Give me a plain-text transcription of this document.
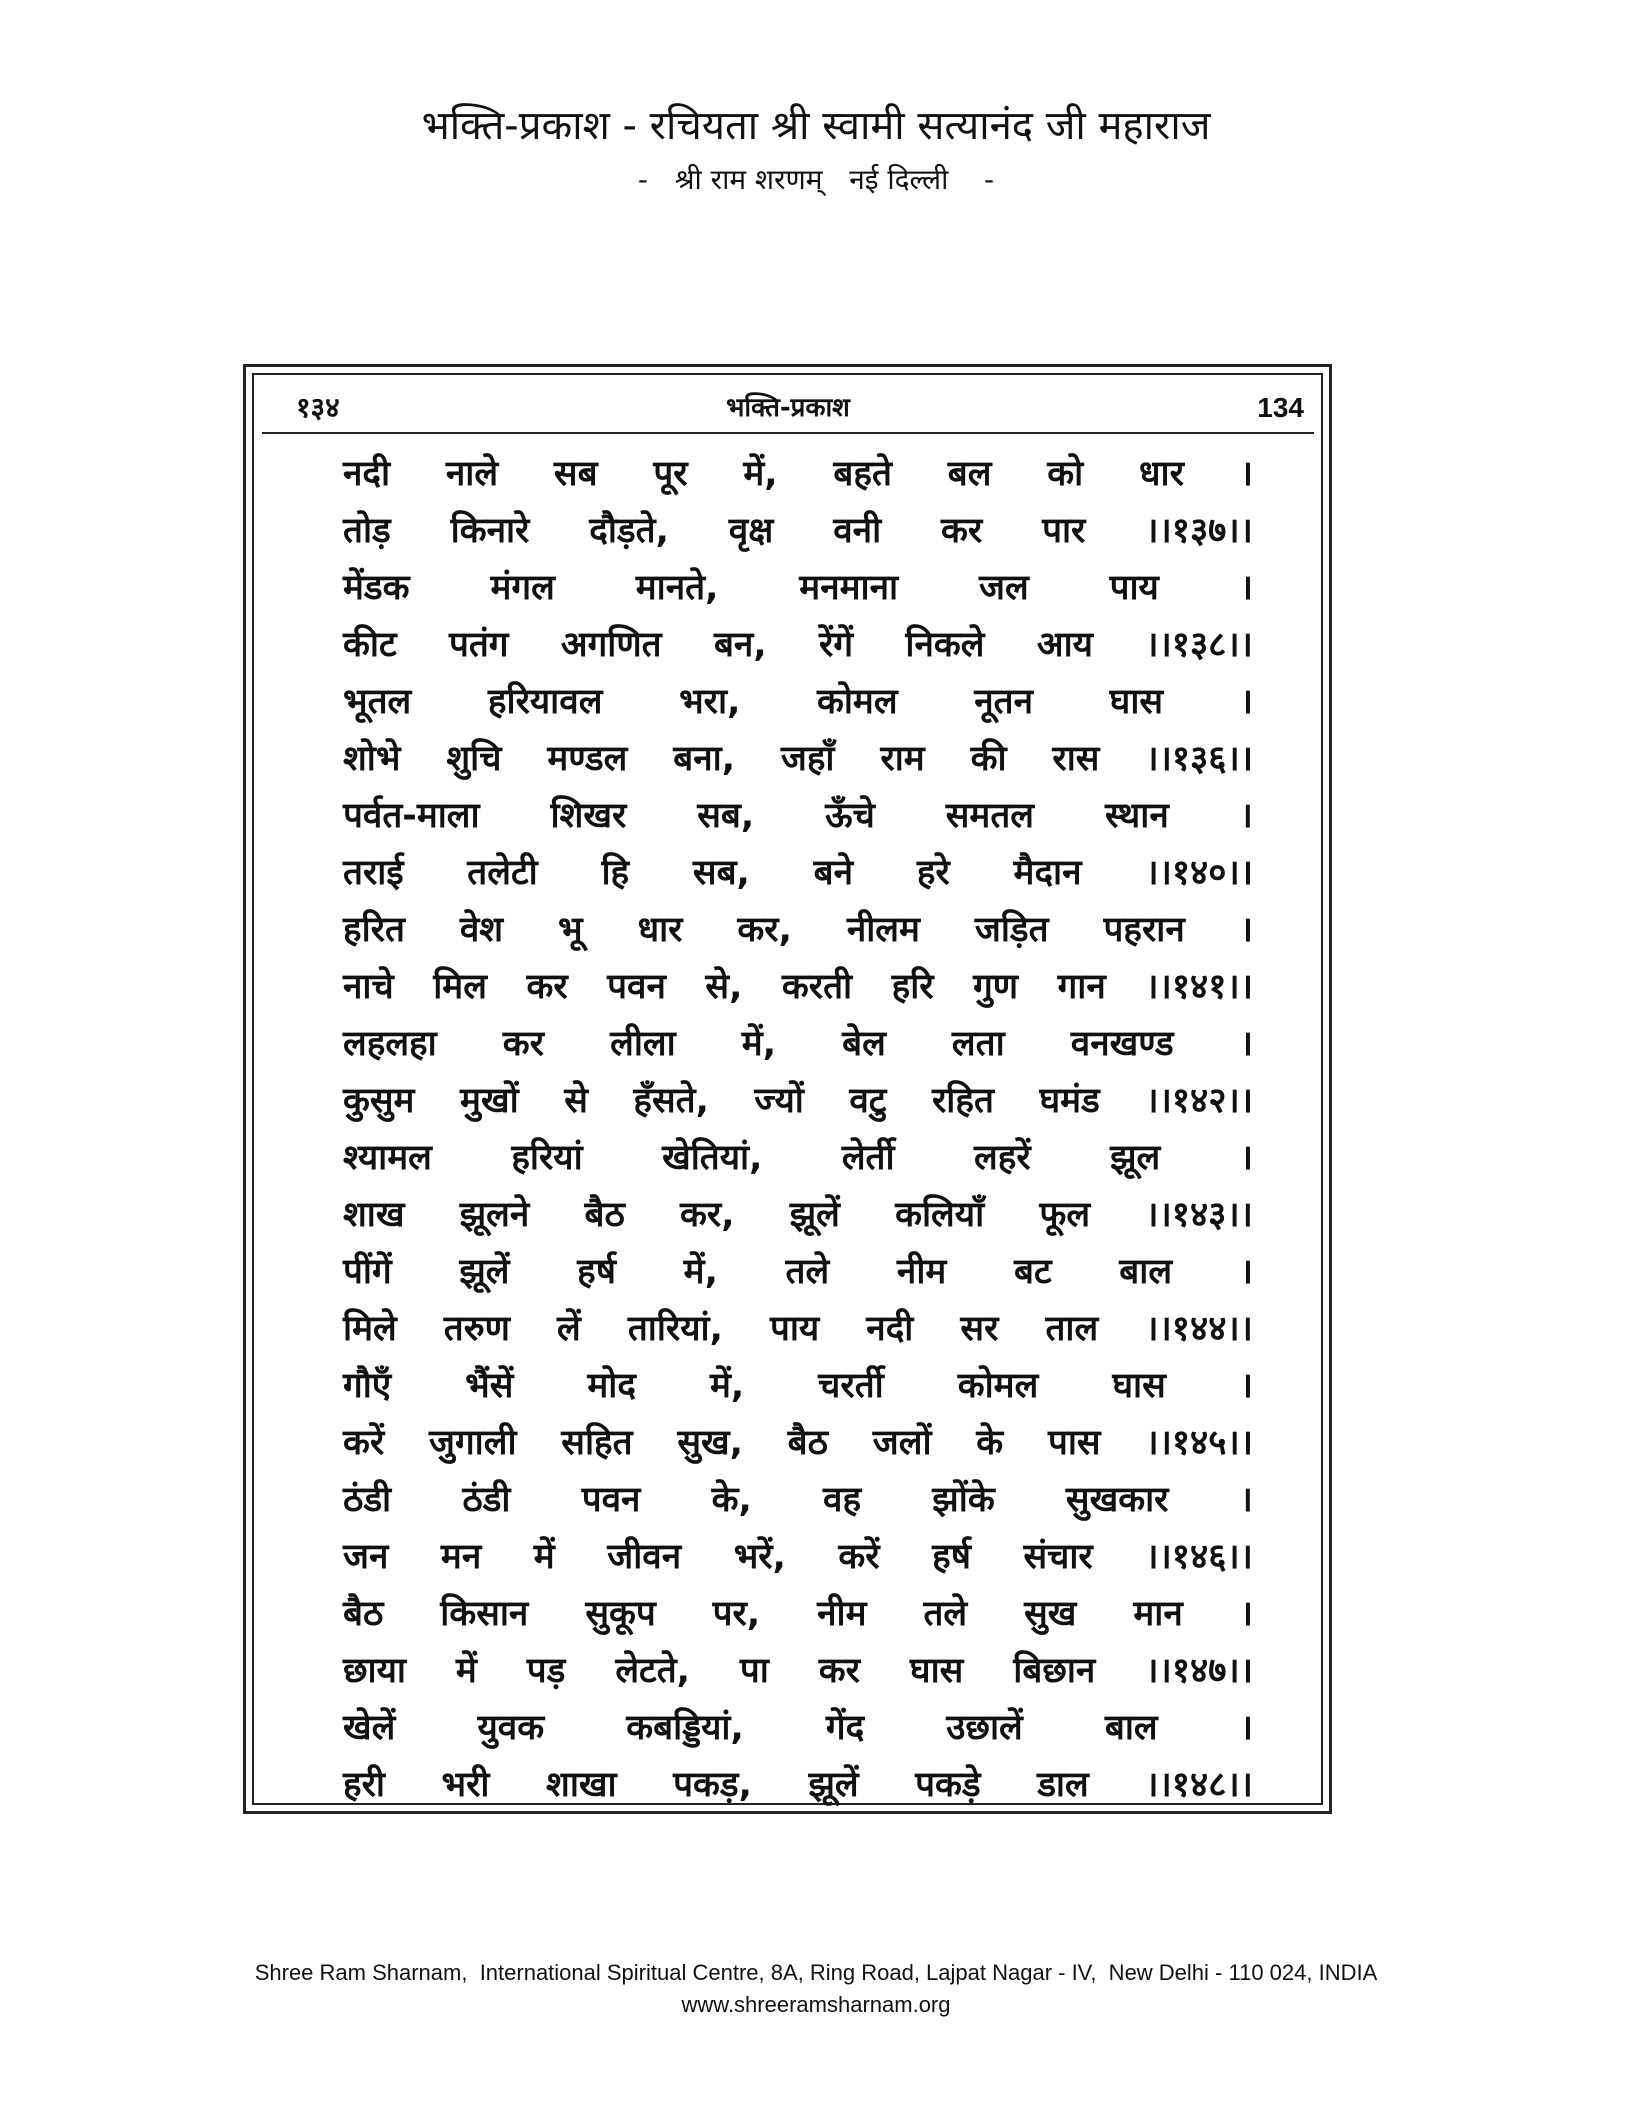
भक्ति-प्रकाश - रचियता श्री स्वामी सत्यानंद जी महाराज
-   श्री राम शरणम्   नई दिल्ली    -
१३४	भक्ति-प्रकाश	134
नदी नाले सब पूर में, बहते बल को धार ।
तोड़ किनारे दौड़ते, वृक्ष वनी कर पार ।।१३७।।
मेंडक मंगल मानते, मनमाना जल पाय ।
कीट पतंग अगणित बन, रेंगें निकले आय ।।१३८।।
भूतल हरियावल भरा, कोमल नूतन घास ।
शोभे शुचि मण्डल बना, जहाँ राम की रास ।।१३६।।
पर्वत-माला शिखर सब, ऊँचे समतल स्थान ।
तराई तलेटी हि सब, बने हरे मैदान ।।१४०।।
हरित वेश भू धार कर, नीलम जड़ित पहरान ।
नाचे मिल कर पवन से, करती हरि गुण गान ।।१४१।।
लहलहा कर लीला में, बेल लता वनखण्ड ।
कुसुम मुखों से हँसते, ज्यों वटु रहित घमंड ।।१४२।।
श्यामल हरियां खेतियां, लेर्ती लहरें झूल ।
शाख झूलने बैठ कर, झूलें कलियाँ फूल ।।१४३।।
पींगें झूलें हर्ष में, तले नीम बट बाल ।
मिले तरुण लें तारियां, पाय नदी सर ताल ।।१४४।।
गौएँ भैंसें मोद में, चरर्ती कोमल घास ।
करें जुगाली सहित सुख, बैठ जलों के पास ।।१४५।।
ठंडी ठंडी पवन के, वह झोंके सुखकार ।
जन मन में जीवन भरें, करें हर्ष संचार ।।१४६।।
बैठ किसान सुकूप पर, नीम तले सुख मान ।
छाया में पड़ लेटते, पा कर घास बिछान ।।१४७।।
खेलें युवक कबड्डियां, गेंद उछालें बाल ।
हरी भरी शाखा पकड़, झूलें पकड़े डाल ।।१४८।।
Shree Ram Sharnam,  International Spiritual Centre, 8A, Ring Road, Lajpat Nagar - IV,  New Delhi - 110 024, INDIA
www.shreeramsharnam.org
